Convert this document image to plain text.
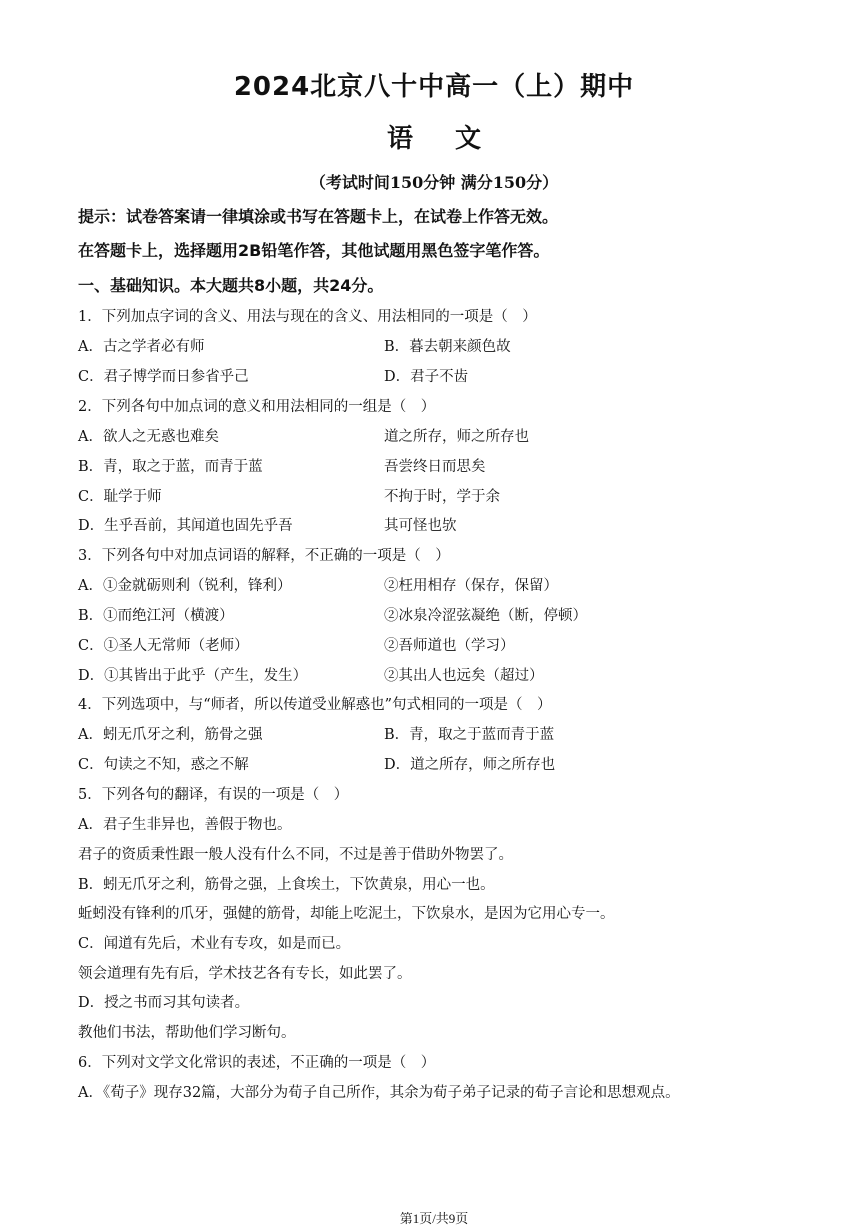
2024北京八十中高一（上）期中
语文
（考试时间150分钟 满分150分）
提示：试卷答案请一律填涂或书写在答题卡上，在试卷上作答无效。
在答题卡上，选择题用2B铅笔作答，其他试题用黑色签字笔作答。
一、基础知识。本大题共8小题，共24分。
1．下列加点字词的含义、用法与现在的含义、用法相同的一项是（　）
A．古之学者必有师	B．暮去朝来颜色故
C．君子博学而日参省乎己	D．君子不齿
2．下列各句中加点词的意义和用法相同的一组是（　）
A．欲人之无惑也难矣	道之所存，师之所存也
B．青，取之于蓝，而青于蓝	吾尝终日而思矣
C．耻学于师	不拘于时，学于余
D．生乎吾前，其闻道也固先乎吾	其可怪也欤
3．下列各句中对加点词语的解释，不正确的一项是（　）
A．①金就砺则利（锐利，锋利）	②枉用相存（保存，保留）
B．①而绝江河（横渡）	②冰泉冷涩弦凝绝（断，停顿）
C．①圣人无常师（老师）	②吾师道也（学习）
D．①其皆出于此乎（产生，发生）	②其出人也远矣（超过）
4．下列选项中，与“师者，所以传道受业解惑也”句式相同的一项是（　）
A．蚓无爪牙之利，筋骨之强	B．青，取之于蓝而青于蓝
C．句读之不知，惑之不解	D．道之所存，师之所存也
5．下列各句的翻译，有误的一项是（　）
A．君子生非异也，善假于物也。
君子的资质秉性跟一般人没有什么不同，不过是善于借助外物罢了。
B．蚓无爪牙之利，筋骨之强，上食埃土，下饮黄泉，用心一也。
蚯蚓没有锋利的爪牙，强健的筋骨，却能上吃泥土，下饮泉水，是因为它用心专一。
C．闻道有先后，术业有专攻，如是而已。
领会道理有先有后，学术技艺各有专长，如此罢了。
D．授之书而习其句读者。
教他们书法，帮助他们学习断句。
6．下列对文学文化常识的表述，不正确的一项是（　）
A．《荀子》现存32篇，大部分为荀子自己所作，其余为荀子弟子记录的荀子言论和思想观点。
第1页/共9页
